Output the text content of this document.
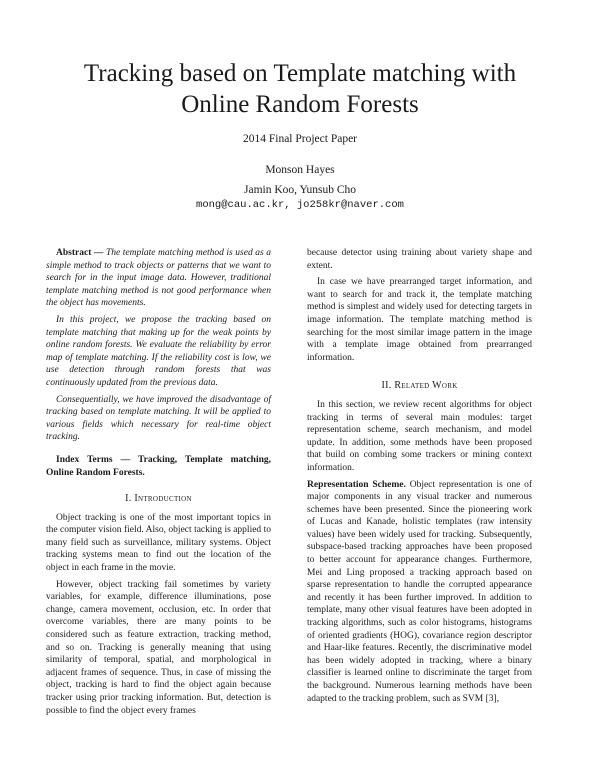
Tracking based on Template matching with
Online Random Forests
2014 Final Project Paper
Monson Hayes
Jamin Koo, Yunsub Cho
mong@cau.ac.kr, jo258kr@naver.com

Abstract — The template matching method is used as a simple method to track objects or patterns that we want to search for in the input image data. However, traditional template matching method is not good performance when the object has movements.

In this project, we propose the tracking based on template matching that making up for the weak points by online random forests. We evaluate the reliability by error map of template matching. If the reliability cost is low, we use detection through random forests that was continuously updated from the previous data.

Consequentially, we have improved the disadvantage of tracking based on template matching. It will be applied to various fields which necessary for real-time object tracking.

Index Terms — Tracking, Template matching, Online Random Forests.

I. Introduction

Object tracking is one of the most important topics in the computer vision field. Also, object tacking is applied to many field such as surveillance, military systems. Object tracking systems mean to find out the location of the object in each frame in the movie.

However, object tracking fail sometimes by variety variables, for example, difference illuminations, pose change, camera movement, occlusion, etc. In order that overcome variables, there are many points to be considered such as feature extraction, tracking method, and so on. Tracking is generally meaning that using similarity of temporal, spatial, and morphological in adjacent frames of sequence. Thus, in case of missing the object, tracking is hard to find the object again because tracker using prior tracking information. But, detection is possible to find the object every frames

because detector using training about variety shape and extent.

In case we have prearranged target information, and want to search for and track it, the template matching method is simplest and widely used for detecting targets in image information. The template matching method is searching for the most similar image pattern in the image with a template image obtained from prearranged information.

II. Related Work

In this section, we review recent algorithms for object tracking in terms of several main modules: target representation scheme, search mechanism, and model update. In addition, some methods have been proposed that build on combing some trackers or mining context information.

Representation Scheme. Object representation is one of major components in any visual tracker and numerous schemes have been presented. Since the pioneering work of Lucas and Kanade, holistic templates (raw intensity values) have been widely used for tracking. Subsequently, subspace-based tracking approaches have been proposed to better account for appearance changes. Furthermore, Mei and Ling proposed a tracking approach based on sparse representation to handle the corrupted appearance and recently it has been further improved. In addition to template, many other visual features have been adopted in tracking algorithms, such as color histograms, histograms of oriented gradients (HOG), covariance region descriptor and Haar-like features. Recently, the discriminative model has been widely adopted in tracking, where a binary classifier is learned online to discriminate the target from the background. Numerous learning methods have been adapted to the tracking problem, such as SVM [3],
